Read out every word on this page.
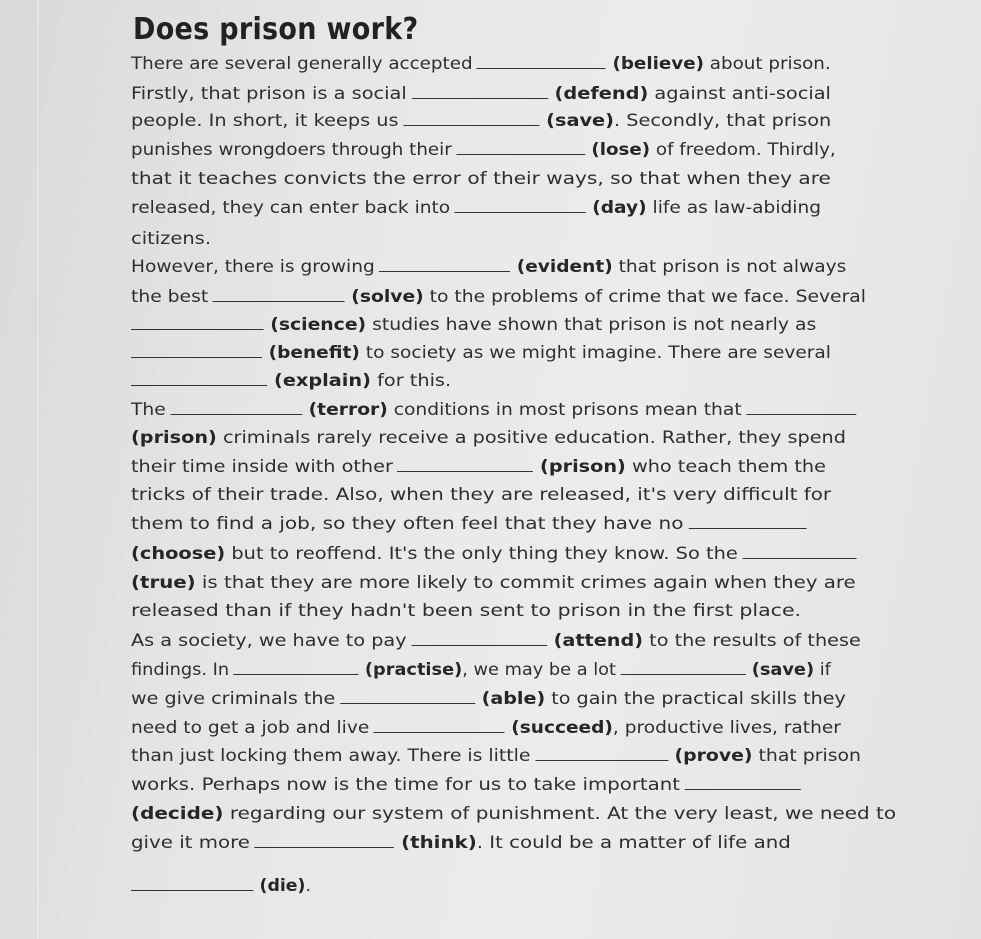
Does prison work?
There are several generally accepted	(believe) about prison.
Firstly, that prison is a social	(defend) against anti-social
people. In short, it keeps us	(save). Secondly, that prison
punishes wrongdoers through their	(lose) of freedom. Thirdly,
that it teaches convicts the error of their ways, so that when they are
released, they can enter back into	(day) life as law-abiding
citizens.
However, there is growing	(evident) that prison is not always
the best	(solve) to the problems of crime that we face. Several
(science) studies have shown that prison is not nearly as
(benefit) to society as we might imagine. There are several
(explain) for this.
The	(terror) conditions in most prisons mean that
(prison) criminals rarely receive a positive education. Rather, they spend
their time inside with other	(prison) who teach them the
tricks of their trade. Also, when they are released, it's very difficult for
them to find a job, so they often feel that they have no
(choose) but to reoffend. It's the only thing they know. So the
(true) is that they are more likely to commit crimes again when they are
released than if they hadn't been sent to prison in the first place.
As a society, we have to pay	(attend) to the results of these
findings. In	(practise), we may be a lot	(save) if
we give criminals the	(able) to gain the practical skills they
need to get a job and live	(succeed), productive lives, rather
than just locking them away. There is little	(prove) that prison
works. Perhaps now is the time for us to take important
(decide) regarding our system of punishment. At the very least, we need to
give it more	(think). It could be a matter of life and
(die).
